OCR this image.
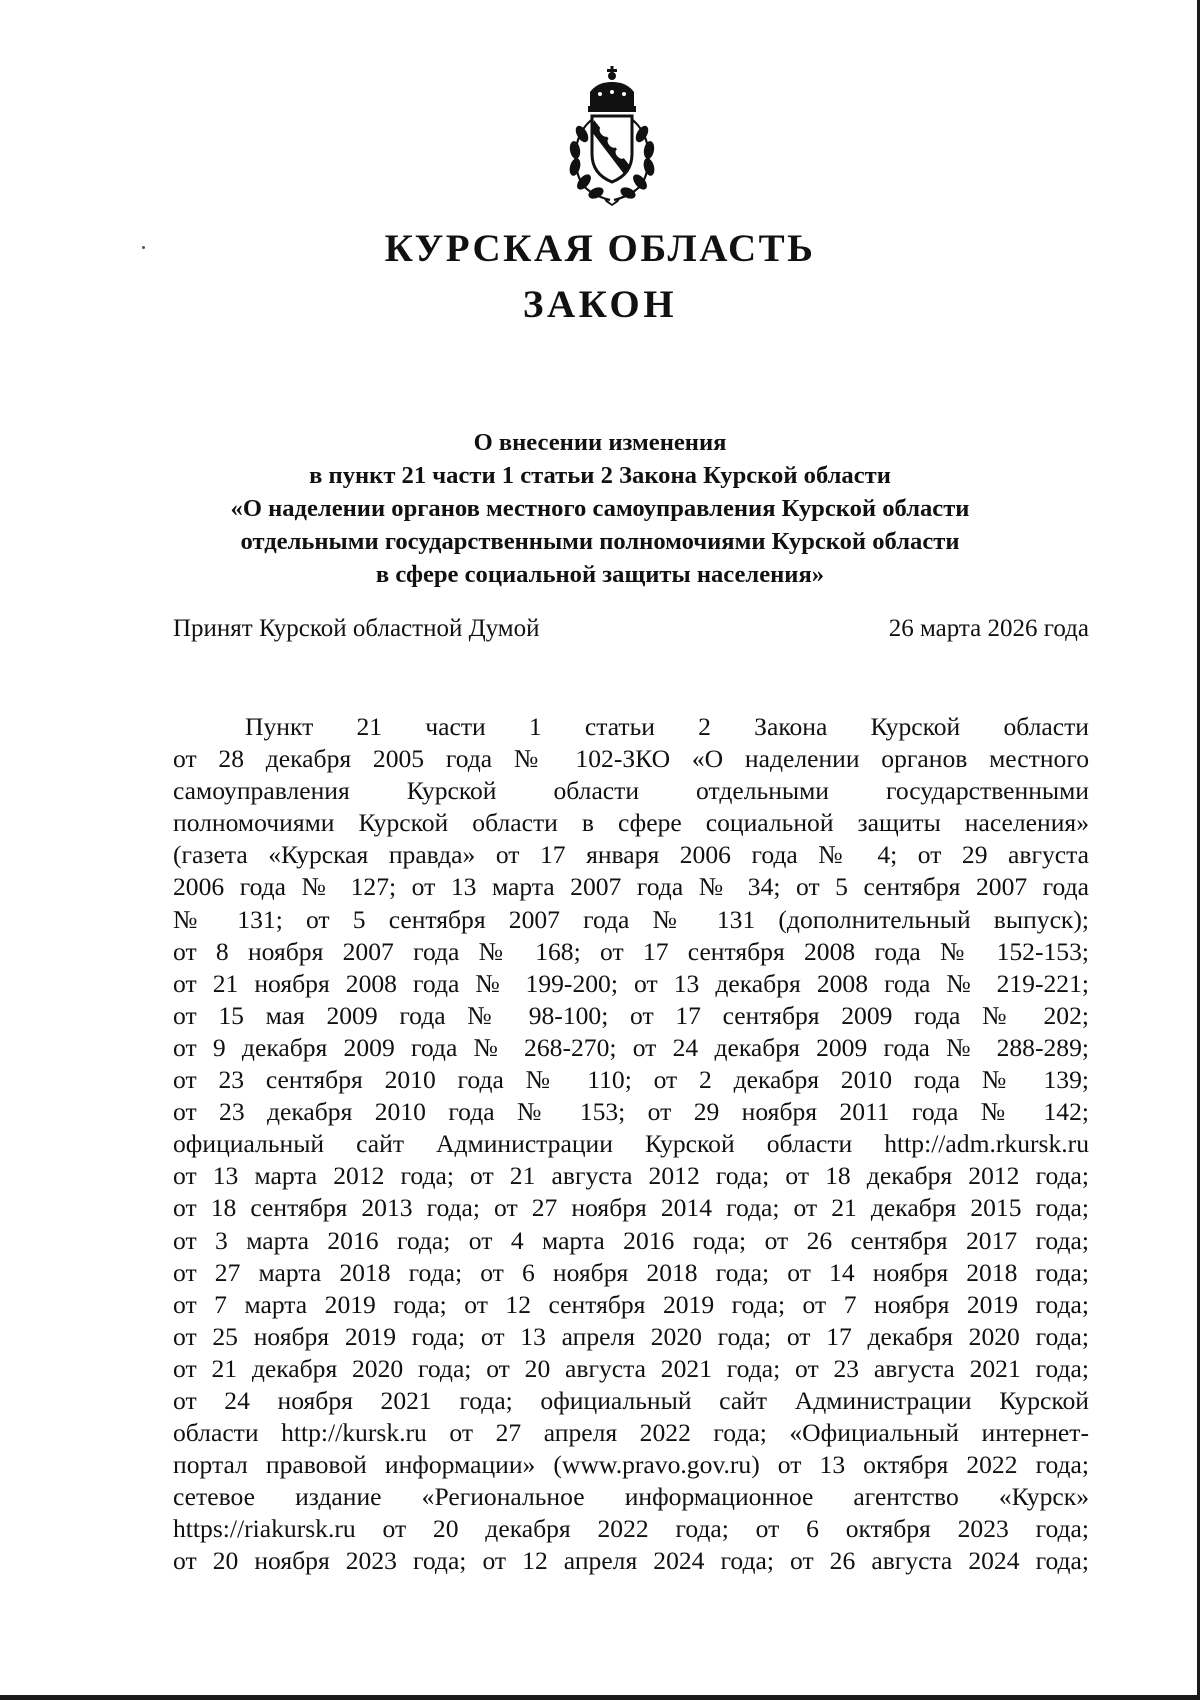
КУРСКАЯ ОБЛАСТЬ
ЗАКОН
О внесении изменения
в пункт 21 части 1 статьи 2 Закона Курской области
«О наделении органов местного самоуправления Курской области
отдельными государственными полномочиями Курской области
в сфере социальной защиты населения»

Принят Курской областной Думой	26 марта 2026 года

Пункт 21 части 1 статьи 2 Закона Курской области
от 28 декабря 2005 года № 102-ЗКО «О наделении органов местного
самоуправления Курской области отдельными государственными
полномочиями Курской области в сфере социальной защиты населения»
(газета «Курская правда» от 17 января 2006 года № 4; от 29 августа
2006 года № 127; от 13 марта 2007 года № 34; от 5 сентября 2007 года
№ 131; от 5 сентября 2007 года № 131 (дополнительный выпуск);
от 8 ноября 2007 года № 168; от 17 сентября 2008 года № 152-153;
от 21 ноября 2008 года № 199-200; от 13 декабря 2008 года № 219-221;
от 15 мая 2009 года № 98-100; от 17 сентября 2009 года № 202;
от 9 декабря 2009 года № 268-270; от 24 декабря 2009 года № 288-289;
от 23 сентября 2010 года № 110; от 2 декабря 2010 года № 139;
от 23 декабря 2010 года № 153; от 29 ноября 2011 года № 142;
официальный сайт Администрации Курской области http://adm.rkursk.ru
от 13 марта 2012 года; от 21 августа 2012 года; от 18 декабря 2012 года;
от 18 сентября 2013 года; от 27 ноября 2014 года; от 21 декабря 2015 года;
от 3 марта 2016 года; от 4 марта 2016 года; от 26 сентября 2017 года;
от 27 марта 2018 года; от 6 ноября 2018 года; от 14 ноября 2018 года;
от 7 марта 2019 года; от 12 сентября 2019 года; от 7 ноября 2019 года;
от 25 ноября 2019 года; от 13 апреля 2020 года; от 17 декабря 2020 года;
от 21 декабря 2020 года; от 20 августа 2021 года; от 23 августа 2021 года;
от 24 ноября 2021 года; официальный сайт Администрации Курской
области http://kursk.ru от 27 апреля 2022 года; «Официальный интернет-
портал правовой информации» (www.pravo.gov.ru) от 13 октября 2022 года;
сетевое издание «Региональное информационное агентство «Курск»
https://riakursk.ru от 20 декабря 2022 года; от 6 октября 2023 года;
от 20 ноября 2023 года; от 12 апреля 2024 года; от 26 августа 2024 года;
